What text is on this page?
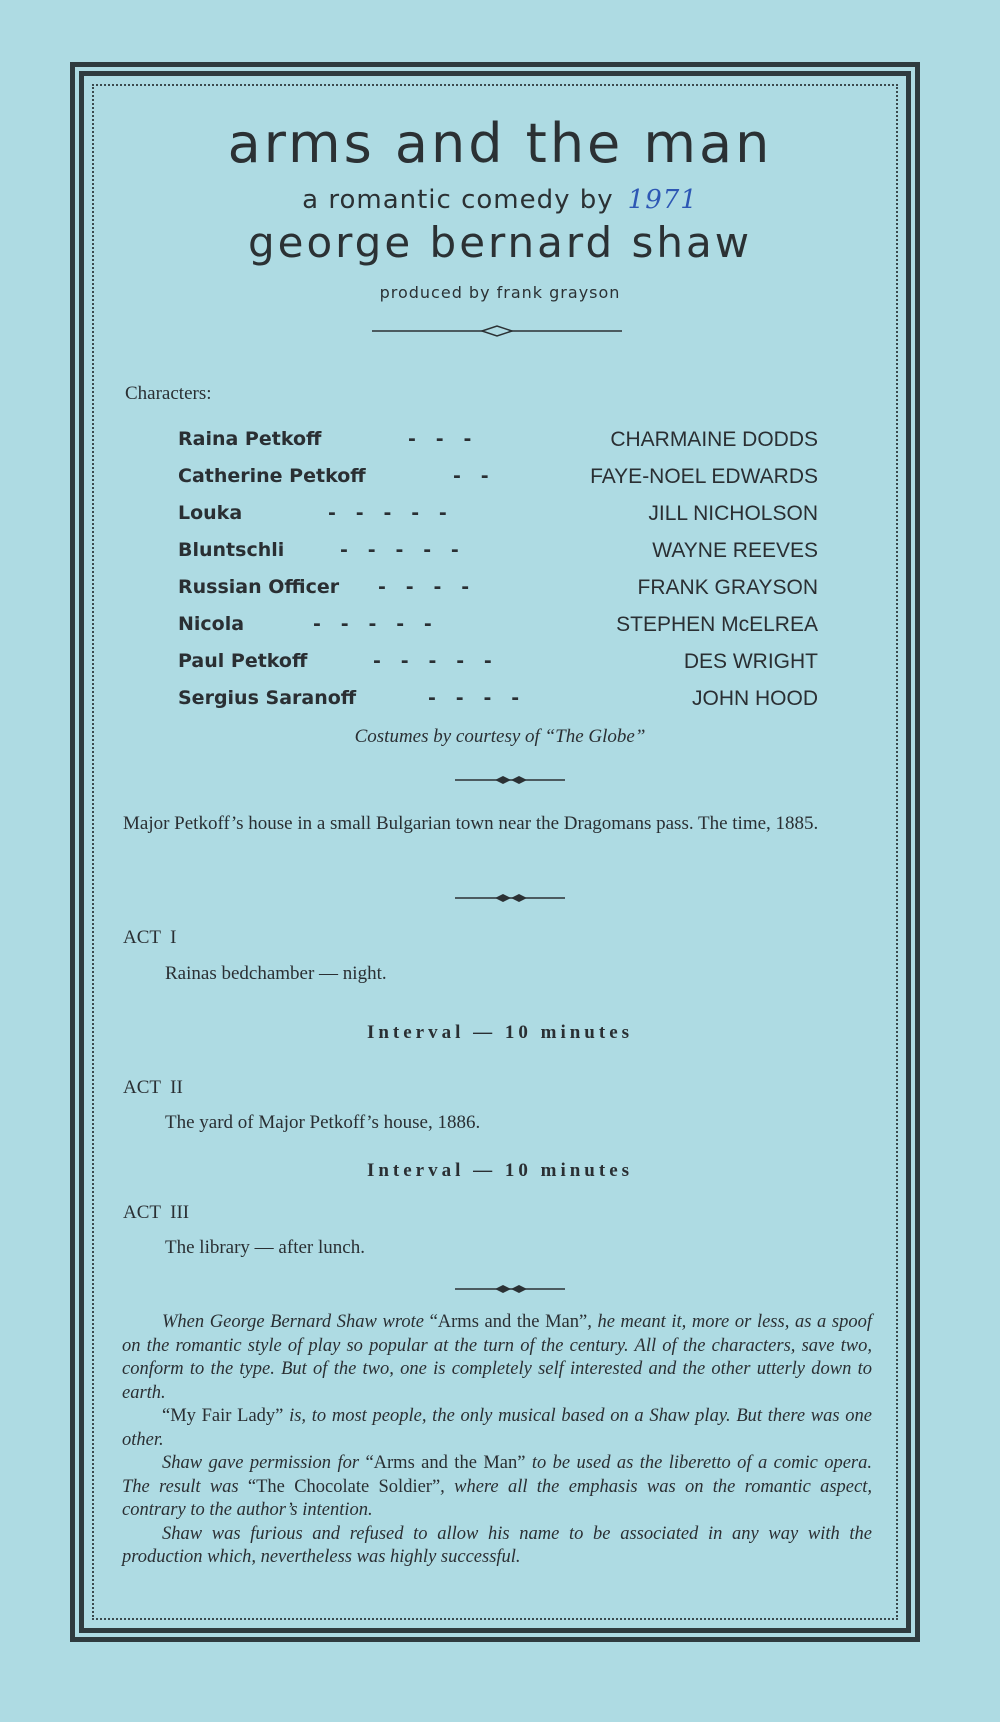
arms and the man
a romantic comedy by 1971
george bernard shaw
produced by frank grayson
Characters:
Raina Petkoff	-   -   -	CHARMAINE DODDS
Catherine Petkoff	-   -	FAYE-NOEL EDWARDS
Louka	-   -   -   -   -	JILL NICHOLSON
Bluntschli	-   -   -   -   -	WAYNE REEVES
Russian Officer -   -   -   -	FRANK GRAYSON
Nicola	-   -   -   -   -	STEPHEN McELREA
Paul Petkoff	-   -   -   -   -	DES WRIGHT
Sergius Saranoff	-   -   -   -	JOHN HOOD
Costumes by courtesy of “The Globe”
Major Petkoff’s house in a small Bulgarian town near the Dragomans pass. The time, 1885.
ACT  I
Rainas bedchamber — night.
Interval — 10 minutes
ACT  II
The yard of Major Petkoff’s house, 1886.
Interval — 10 minutes
ACT  III
The library — after lunch.

When George Bernard Shaw wrote “Arms and the Man”, he meant it, more or less, as a spoof on the romantic style of play so popular at the turn of the century. All of the characters, save two, conform to the type. But of the two, one is completely self interested and the other utterly down to earth.

“My Fair Lady” is, to most people, the only musical based on a Shaw play. But there was one other.

Shaw gave permission for “Arms and the Man” to be used as the liberetto of a comic opera. The result was “The Chocolate Soldier”, where all the emphasis was on the romantic aspect, contrary to the author’s intention.

Shaw was furious and refused to allow his name to be associated in any way with the production which, nevertheless was highly successful.
